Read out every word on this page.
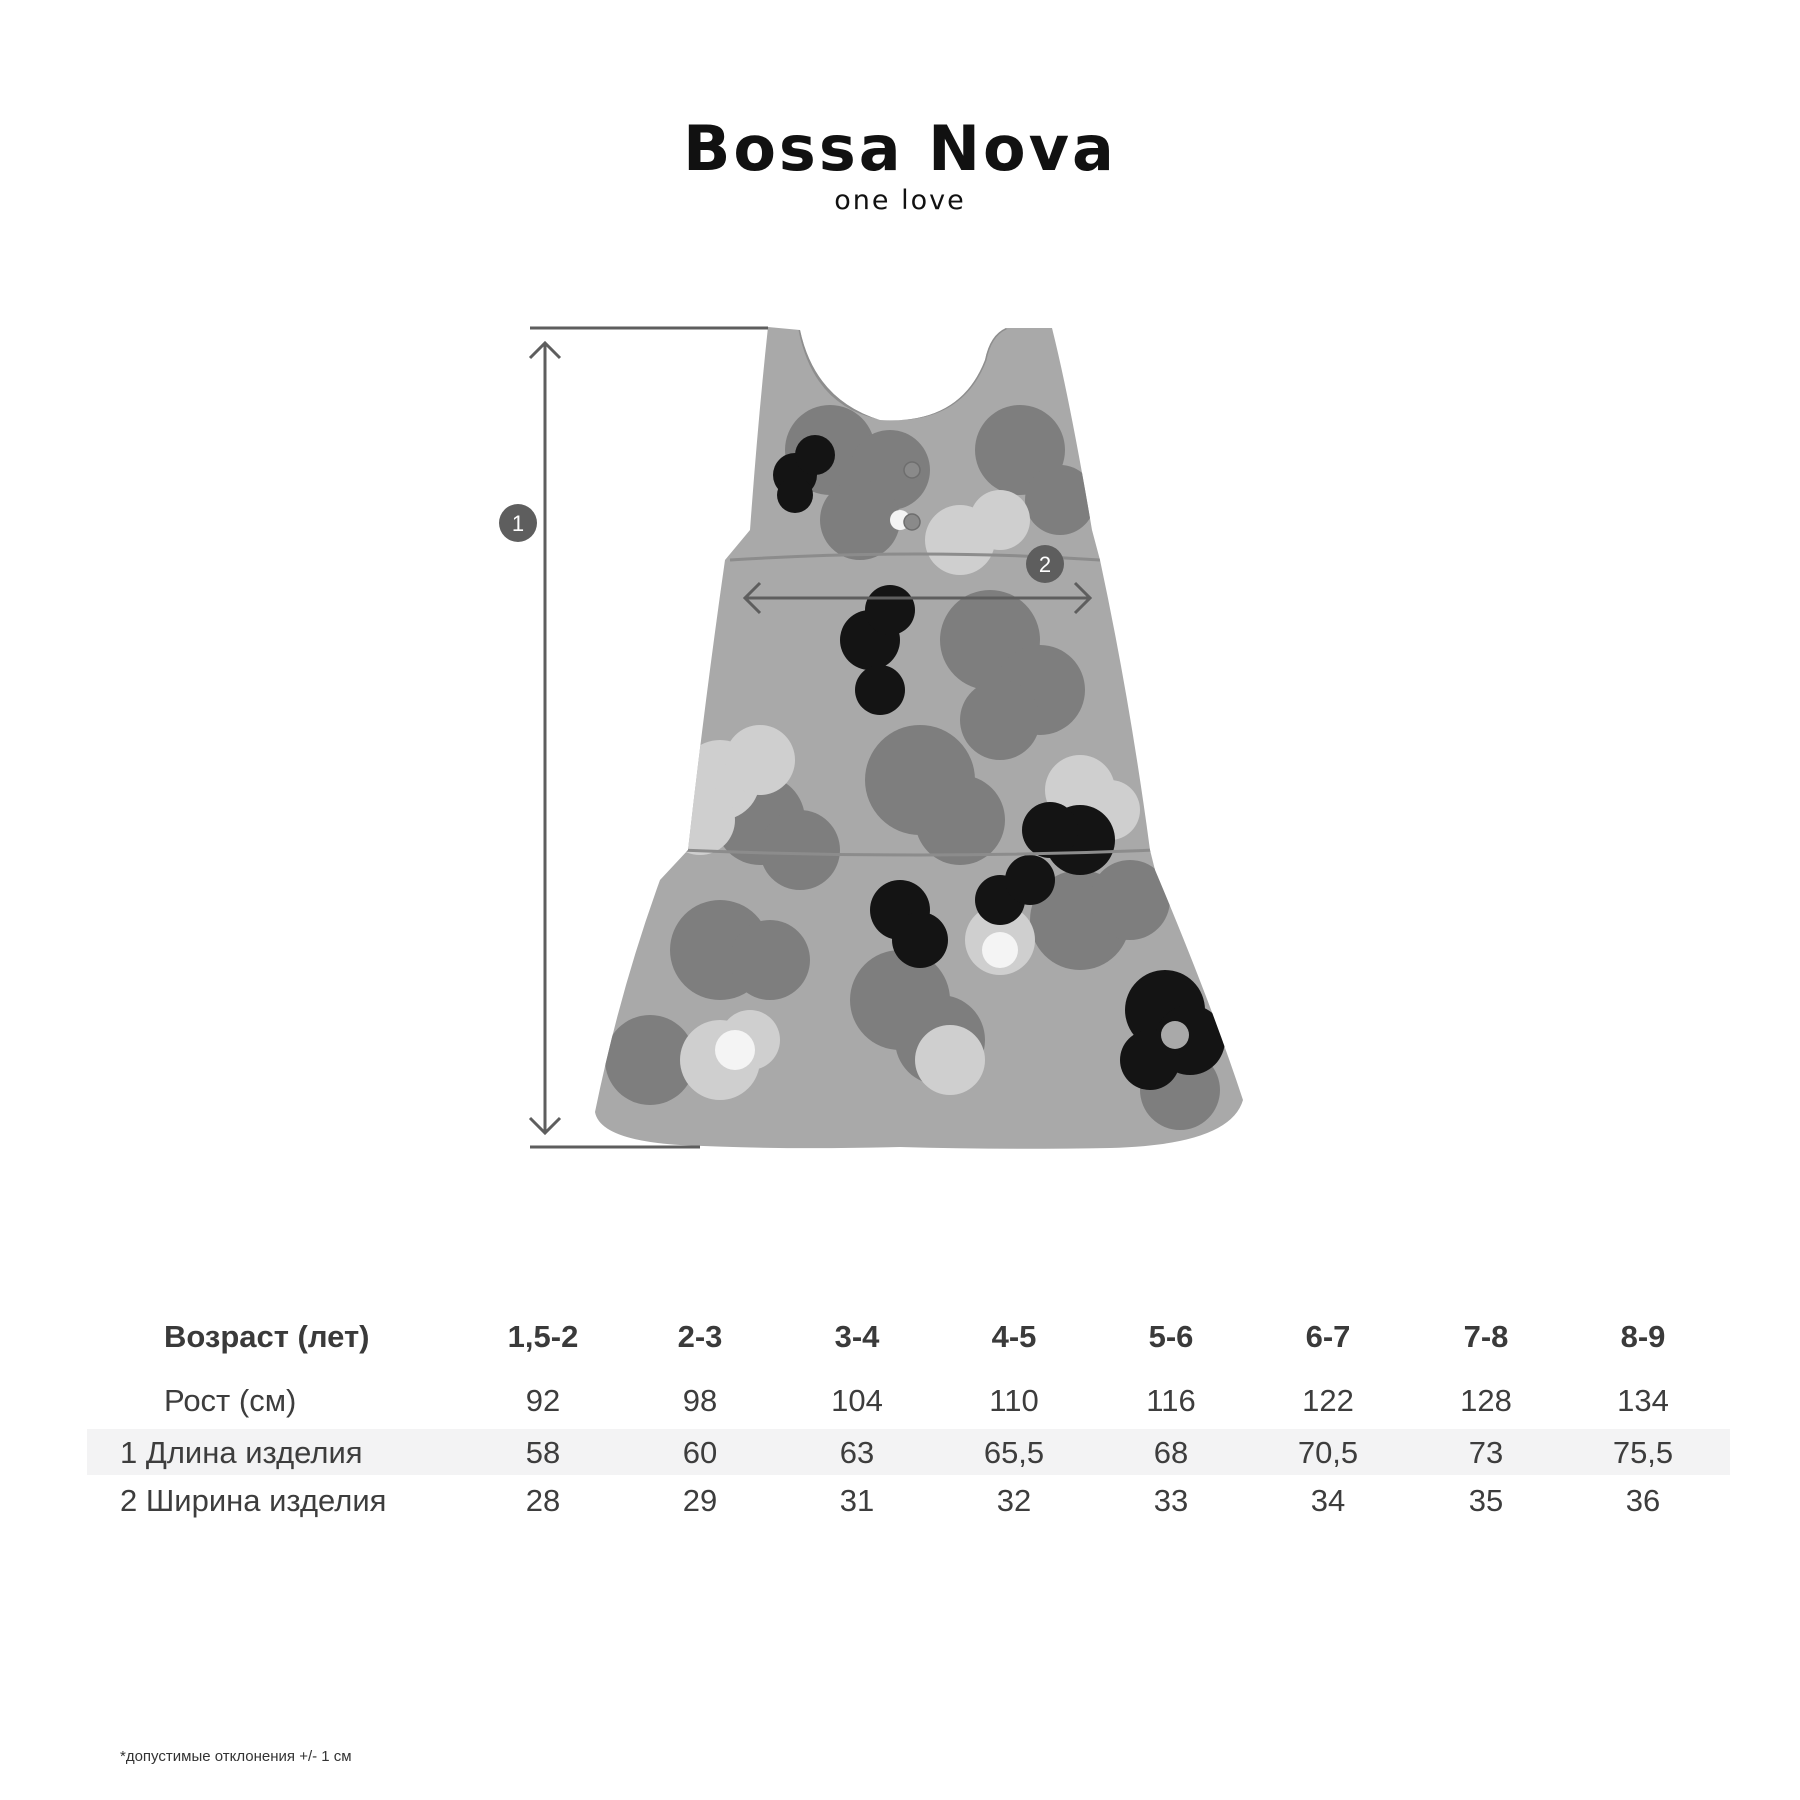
Bossa Nova
one love
1
2
Возраст (лет)	1,5-2	2-3	3-4	4-5	5-6	6-7	7-8	8-9
Рост (см)	92	98	104	110	116	122	128	134
1 Длина изделия	58	60	63	65,5	68	70,5	73	75,5
2 Ширина изделия	28	29	31	32	33	34	35	36
*допустимые отклонения +/- 1 см
